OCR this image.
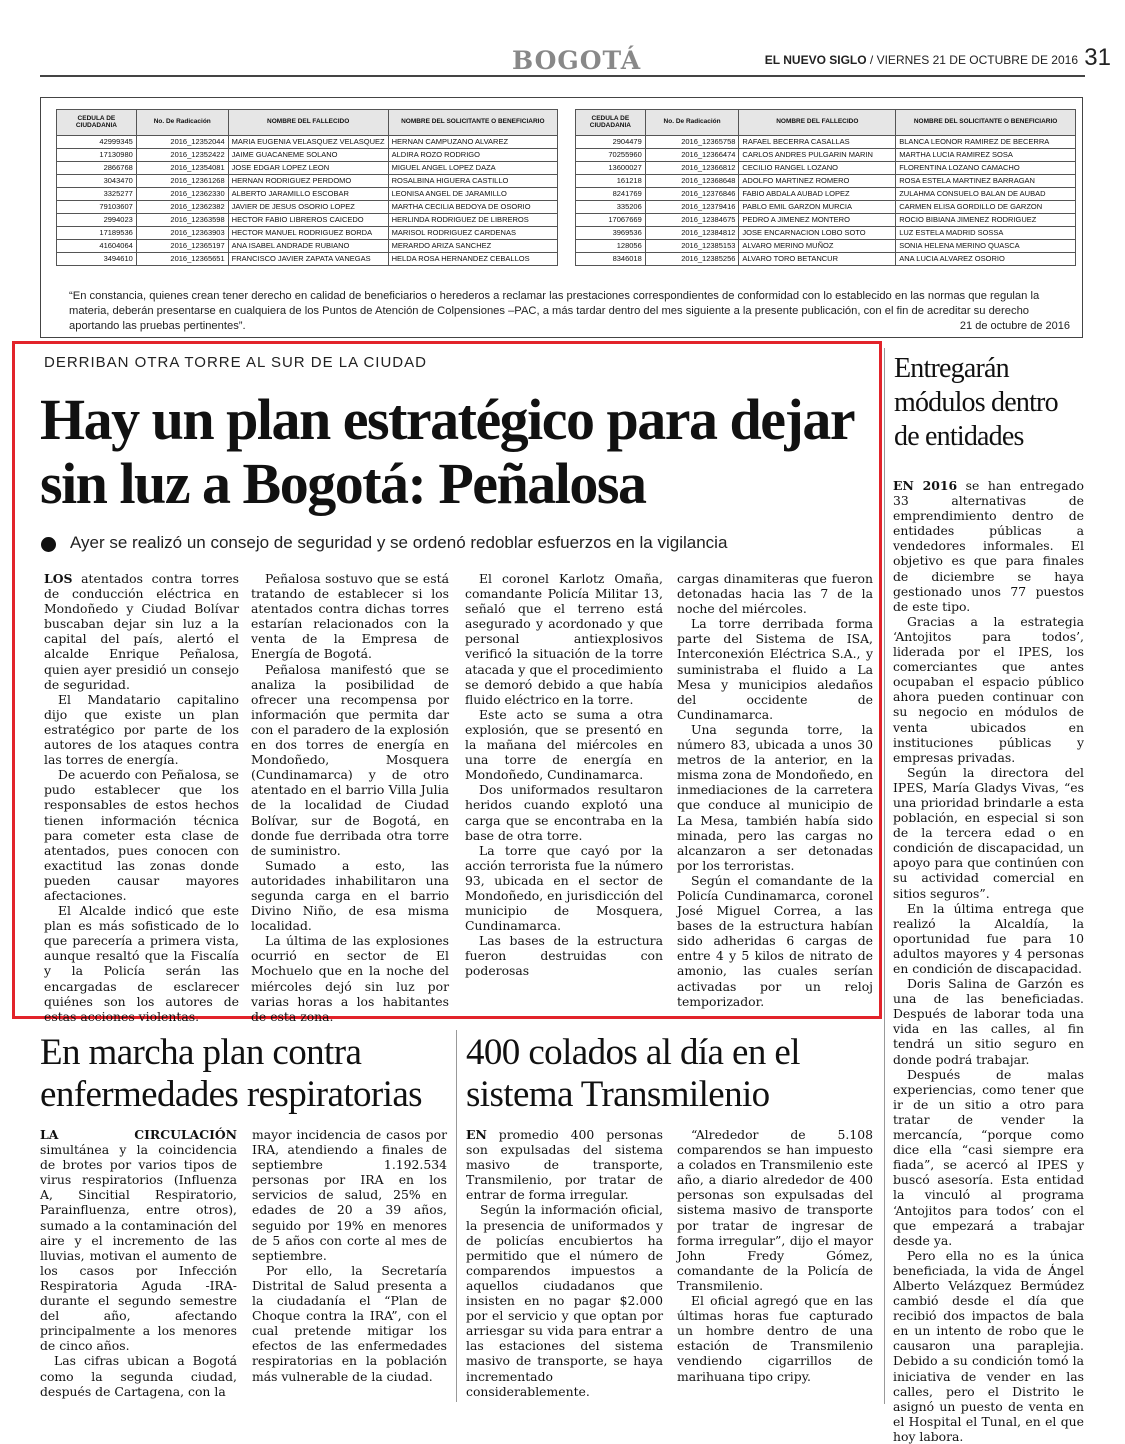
BOGOTÁ	EL NUEVO SIGLO / VIERNES 21 DE OCTUBRE DE 2016 31
CEDULA DE CIUDADANIA	No. De Radicación	NOMBRE DEL FALLECIDO	NOMBRE DEL SOLICITANTE O BENEFICIARIO
42999345	2016_12352044	MARIA EUGENIA VELASQUEZ VELASQUEZ	HERNAN CAMPUZANO ALVAREZ
17130980	2016_12352422	JAIME GUACANEME SOLANO	ALDIRA ROZO RODRIGO
2866768	2016_12354081	JOSE EDGAR LOPEZ LEON	MIGUEL ANGEL LOPEZ DAZA
3043470	2016_12361268	HERNAN RODRIGUEZ PERDOMO	ROSALBINA HIGUERA CASTILLO
3325277	2016_12362330	ALBERTO JARAMILLO ESCOBAR	LEONISA ANGEL DE JARAMILLO
79103607	2016_12362382	JAVIER DE JESUS OSORIO LOPEZ	MARTHA CECILIA BEDOYA DE OSORIO
2994023	2016_12363598	HECTOR FABIO LIBREROS CAICEDO	HERLINDA RODRIGUEZ DE LIBREROS
17189536	2016_12363903	HECTOR MANUEL RODRIGUEZ BORDA	MARISOL RODRIGUEZ CARDENAS
41604064	2016_12365197	ANA ISABEL ANDRADE RUBIANO	MERARDO ARIZA SANCHEZ
3494610	2016_12365651	FRANCISCO JAVIER ZAPATA VANEGAS	HELDA ROSA HERNANDEZ CEBALLOS
CEDULA DE CIUDADANIA	No. De Radicación	NOMBRE DEL FALLECIDO	NOMBRE DEL SOLICITANTE O BENEFICIARIO
2904479	2016_12365758	RAFAEL BECERRA CASALLAS	BLANCA LEONOR RAMIREZ DE BECERRA
70255960	2016_12366474	CARLOS ANDRES PULGARIN MARIN	MARTHA LUCIA RAMIREZ SOSA
13600027	2016_12366812	CECILIO RANGEL LOZANO	FLORENTINA LOZANO CAMACHO
161218	2016_12368648	ADOLFO MARTINEZ ROMERO	ROSA ESTELA MARTINEZ BARRAGAN
8241769	2016_12376846	FABIO ABDALA AUBAD LOPEZ	ZULAHMA CONSUELO BALAN DE AUBAD
335206	2016_12379416	PABLO EMIL GARZON MURCIA	CARMEN ELISA GORDILLO DE GARZON
17067669	2016_12384675	PEDRO A JIMENEZ MONTERO	ROCIO BIBIANA JIMENEZ RODRIGUEZ
3969536	2016_12384812	JOSE ENCARNACION LOBO SOTO	LUZ ESTELA MADRID SOSSA
128056	2016_12385153	ALVARO MERINO MUÑOZ	SONIA HELENA MERINO QUASCA
8346018	2016_12385256	ALVARO TORO BETANCUR	ANA LUCIA ALVAREZ OSORIO
“En constancia, quienes crean tener derecho en calidad de beneficiarios o herederos a reclamar las prestaciones correspondientes de conformidad con lo establecido en las normas que regulan la materia, deberán presentarse en cualquiera de los Puntos de Atención de Colpensiones –PAC, a más tardar dentro del mes siguiente a la presente publicación, con el fin de acreditar su derecho aportando las pruebas pertinentes”.	21 de octubre de 2016
DERRIBAN OTRA TORRE AL SUR DE LA CIUDAD
Hay un plan estratégico para dejar sin luz a Bogotá: Peñalosa
Ayer se realizó un consejo de seguridad y se ordenó redoblar esfuerzos en la vigilancia

LOS atentados contra torres de conducción eléctrica en Mondoñedo y Ciudad Bolívar buscaban dejar sin luz a la capital del país, alertó el alcalde Enrique Peñalosa, quien ayer presidió un consejo de seguridad.

El Mandatario capitalino dijo que existe un plan estratégico por parte de los autores de los ataques contra las torres de energía.

De acuerdo con Peñalosa, se pudo establecer que los responsables de estos hechos tienen información técnica para cometer esta clase de atentados, pues conocen con exactitud las zonas donde pueden causar mayores afectaciones.

El Alcalde indicó que este plan es más sofisticado de lo que parecería a primera vista, aunque resaltó que la Fiscalía y la Policía serán las encargadas de esclarecer quiénes son los autores de estas acciones violentas.

Peñalosa sostuvo que se está tratando de establecer si los atentados contra dichas torres estarían relacionados con la venta de la Empresa de Energía de Bogotá.

Peñalosa manifestó que se analiza la posibilidad de ofrecer una recompensa por información que permita dar con el paradero de la explosión en dos torres de energía en Mondoñedo, Mosquera (Cundinamarca) y de otro atentado en el barrio Villa Julia de la localidad de Ciudad Bolívar, sur de Bogotá, en donde fue derribada otra torre de suministro.

Sumado a esto, las autoridades inhabilitaron una segunda carga en el barrio Divino Niño, de esa misma localidad.

La última de las explosiones ocurrió en sector de El Mochuelo que en la noche del miércoles dejó sin luz por varias horas a los habitantes de esta zona.

El coronel Karlotz Omaña, comandante Policía Militar 13, señaló que el terreno está asegurado y acordonado y que personal antiexplosivos verificó la situación de la torre atacada y que el procedimiento se demoró debido a que había fluido eléctrico en la torre.

Este acto se suma a otra explosión, que se presentó en la mañana del miércoles en una torre de energía en Mondoñedo, Cundinamarca.

Dos uniformados resultaron heridos cuando explotó una carga que se encontraba en la base de otra torre.

La torre que cayó por la acción terrorista fue la número 93, ubicada en el sector de Mondoñedo, en jurisdicción del municipio de Mosquera, Cundinamarca.

Las bases de la estructura fueron destruidas con poderosas

cargas dinamiteras que fueron detonadas hacia las 7 de la noche del miércoles.

La torre derribada forma parte del Sistema de ISA, Interconexión Eléctrica S.A., y suministraba el fluido a La Mesa y municipios aledaños del occidente de Cundinamarca.

Una segunda torre, la número 83, ubicada a unos 30 metros de la anterior, en la misma zona de Mondoñedo, en inmediaciones de la carretera que conduce al municipio de La Mesa, también había sido minada, pero las cargas no alcanzaron a ser detonadas por los terroristas.

Según el comandante de la Policía Cundinamarca, coronel José Miguel Correa, a las bases de la estructura habían sido adheridas 6 cargas de entre 4 y 5 kilos de nitrato de amonio, las cuales serían activadas por un reloj temporizador.

Entregarán módulos dentro de entidades

EN 2016 se han entregado 33 alternativas de emprendimiento dentro de entidades públicas a vendedores informales. El objetivo es que para finales de diciembre se haya gestionado unos 77 puestos de este tipo.

Gracias a la estrategia ‘Antojitos para todos’, liderada por el IPES, los comerciantes que antes ocupaban el espacio público ahora pueden continuar con su negocio en módulos de venta ubicados en instituciones públicas y empresas privadas.

Según la directora del IPES, María Gladys Vivas, “es una prioridad brindarle a esta población, en especial si son de la tercera edad o en condición de discapacidad, un apoyo para que continúen con su actividad comercial en sitios seguros”.

En la última entrega que realizó la Alcaldía, la oportunidad fue para 10 adultos mayores y 4 personas en condición de discapacidad.

Doris Salina de Garzón es una de las beneficiadas. Después de laborar toda una vida en las calles, al fin tendrá un sitio seguro en donde podrá trabajar.

Después de malas experiencias, como tener que ir de un sitio a otro para tratar de vender la mercancía, “porque como dice ella “casi siempre era fiada”, se acercó al IPES y buscó asesoría. Esta entidad la vinculó al programa ‘Antojitos para todos’ con el que empezará a trabajar desde ya.

Pero ella no es la única beneficiada, la vida de Ángel Alberto Velázquez Bermúdez cambió desde el día que recibió dos impactos de bala en un intento de robo que le causaron una paraplejia. Debido a su condición tomó la iniciativa de vender en las calles, pero el Distrito le asignó un puesto de venta en el Hospital el Tunal, en el que hoy labora.

En marcha plan contra enfermedades respiratorias

LA CIRCULACIÓN simultánea y la coincidencia de brotes por varios tipos de virus respiratorios (Influenza A, Sincitial Respiratorio, Parainfluenza, entre otros), sumado a la contaminación del aire y el incremento de las lluvias, motivan el aumento de los casos por Infección Respiratoria Aguda -IRA- durante el segundo semestre del año, afectando principalmente a los menores de cinco años.

Las cifras ubican a Bogotá como la segunda ciudad, después de Cartagena, con la

mayor incidencia de casos por IRA, atendiendo a finales de septiembre 1.192.534 personas por IRA en los servicios de salud, 25% en edades de 20 a 39 años, seguido por 19% en menores de 5 años con corte al mes de septiembre.

Por ello, la Secretaría Distrital de Salud presenta a la ciudadanía el “Plan de Choque contra la IRA”, con el cual pretende mitigar los efectos de las enfermedades respiratorias en la población más vulnerable de la ciudad.

400 colados al día en el sistema Transmilenio

EN promedio 400 personas son expulsadas del sistema masivo de transporte, Transmilenio, por tratar de entrar de forma irregular.

Según la información oficial, la presencia de uniformados y de policías encubiertos ha permitido que el número de comparendos impuestos a aquellos ciudadanos que insisten en no pagar $2.000 por el servicio y que optan por arriesgar su vida para entrar a las estaciones del sistema masivo de transporte, se haya incrementado considerablemente.

“Alrededor de 5.108 comparendos se han impuesto a colados en Transmilenio este año, a diario alrededor de 400 personas son expulsadas del sistema masivo de transporte por tratar de ingresar de forma irregular”, dijo el mayor John Fredy Gómez, comandante de la Policía de Transmilenio.

El oficial agregó que en las últimas horas fue capturado un hombre dentro de una estación de Transmilenio vendiendo cigarrillos de marihuana tipo cripy.
